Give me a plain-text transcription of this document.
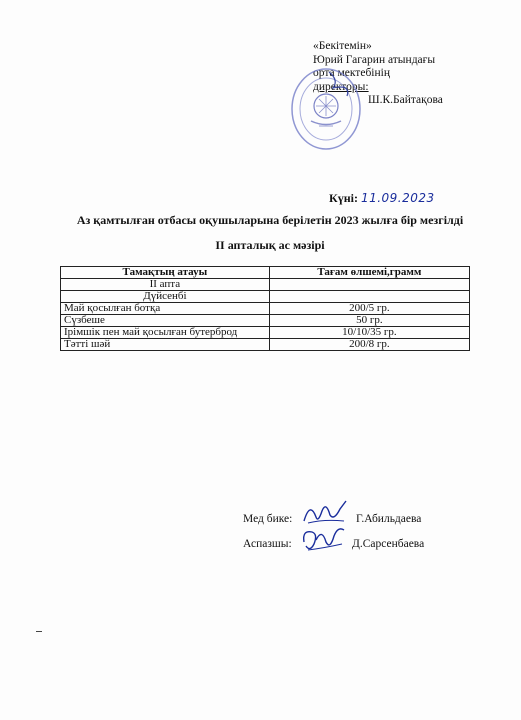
«Бекітемін»
Юрий Гагарин атындағы
орта мектебінің
директоры:
Ш.К.Байтақова
Күні: 11.09.2023
Аз қамтылған отбасы оқушыларына берілетін 2023 жылға бір мезгілді
II апталық ас мәзірі
Тамақтың атауы	Тағам өлшемі,грамм
II апта	
Дүйсенбі	
Май қосылған ботқа	200/5 гр.
Сүзбеше	50 гр.
Ірімшік пен май қосылған бутерброд	10/10/35 гр.
Тәтті шәй	200/8 гр.
Мед бике:	Г.Абильдаева
Аспазшы:	Д.Сарсенбаева
